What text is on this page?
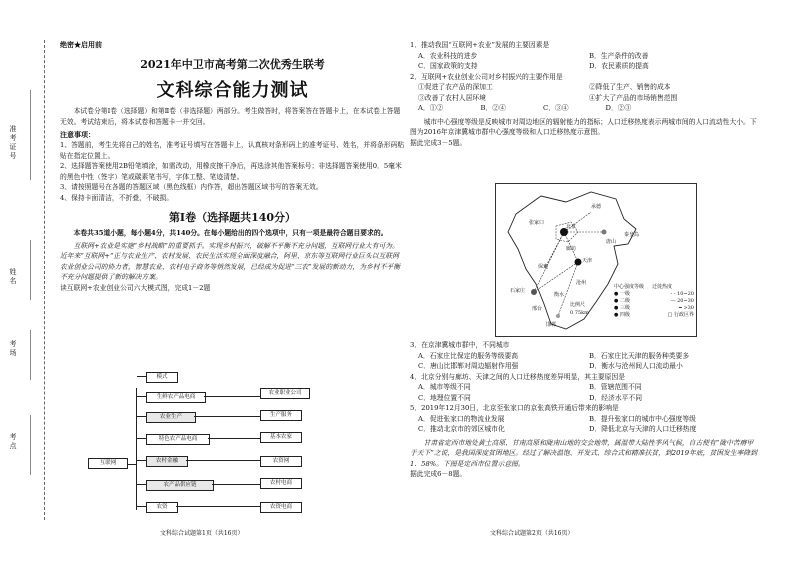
准考证号
姓名
考场
考点
绝密★启用前
2021年中卫市高考第二次优秀生联考
文科综合能力测试
本试卷分第Ⅰ卷（选择题）和第Ⅱ卷（非选择题）两部分。考生做答时，将答案答在答题卡上，在本试卷上答题无效。考试结束后，将本试卷和答题卡一并交回。
注意事项：
1、答题前，考生先将自己的姓名，准考证号填写在答题卡上，认真核对条形码上的准考证号、姓名，并将条形码粘贴在指定位置上。
2、选择题答案使用2B铅笔填涂，如需改动，用橡皮擦干净后，再选涂其他答案标号；非选择题答案使用0．5毫米的黑色中性（签字）笔或碳素笔书写，字体工整、笔迹清楚。
3、请按照题号在各题的答题区域（黑色线框）内作答，超出答题区域书写的答案无效。
4、保持卡面清洁，不折叠，不破损。
第Ⅰ卷（选择题共140分）
本卷共35道小题，每小题4分，共140分。在每小题给出的四个选项中，只有一项是最符合题目要求的。
互联网+农业是实施“乡村战略”的重要抓手。实现乡村振兴，破解不平衡不充分问题，互联网行业大有可为。近年来“互联网+”正与农业生产、农村发展、农民生活实现全面深度融合，阿里、京东等互联网行业巨头以互联网农业创业公司的协力者，智慧农业、农村电子商务等悄然发展，已经成为促进“三农”发展的新动力，为乡村不平衡不充分问题提供了新的解决方案。
读互联网+农业创业公司六大模式图，完成1－2题
互联网
模式
生鲜农产品电商
农业生产
特色农产品电商
农村金融
农产品供应链
农资
农业职业公司
生产服务
基本农家
农资网
农村电商
农资电商
文科综合试题第1页（共16页）
1．推动我国“互联网+农业”发展的主要因素是
A．农业科技的进步	B．生产条件的改善
C．国家政策的支持	D．农民素质的提高
2．互联网+农业创业公司对乡村振兴的主要作用是
①促进了农产品的深加工	②降低了生产、销售的成本
③改善了农村人居环境	④扩大了产品的市场销售范围
A．①②	B．②④	C．③④	D．②③
城市中心强度等级是反映城市对周边地区的辐射能力的指标；人口迁移热度表示两城市间的人口流动性大小。下图为2016年京津冀城市群中心强度等级和人口迁移热度示意图。
据此完成3－5题。
张家口
北京
承德
秦皇岛
唐山
天津
廊坊
保定
沧州
石家庄
衡水
邢台
邯郸
中心强度等级 迁徙热度
● 一级	- - 10~20
● 二级	— 20~30
● 三级	━ >30
● 四级	□ 行政区界
比例尺
0 75km
3．在京津冀城市群中，不同城市
A．石家庄比保定的服务等级要高	B．石家庄比天津的服务种类要多
C．唐山比邯郸对周边辐射作用强	D．衡水与沧州间人口流动最小
4．北京分别与廊坊、天津之间的人口迁移热度差异明显，其主要原因是
A．城市等级不同	B．管辖范围不同
C．地理位置不同	D．经济水平不同
5．2019年12月30日，北京至张家口的京张高铁开通后带来的影响是
A．促进张家口的物流业发展	B．提升张家口的城市中心强度等级
C．推动北京市的郊区城市化	D．降低北京与天津的人口迁移热度
甘肃省定西市地处黄土高原、甘南高原和陇南山地的交会地带，属温带大陆性季风气候，自古便有“陇中苦瘠甲于天下”之说，是我国深度贫困地区。经过了解决温饱、开发式、综合式和精准扶贫，到2019年底，贫困发生率降到1．58%。下图是定西市位置示意图。
据此完成6－8题。
文科综合试题第2页（共16页）
